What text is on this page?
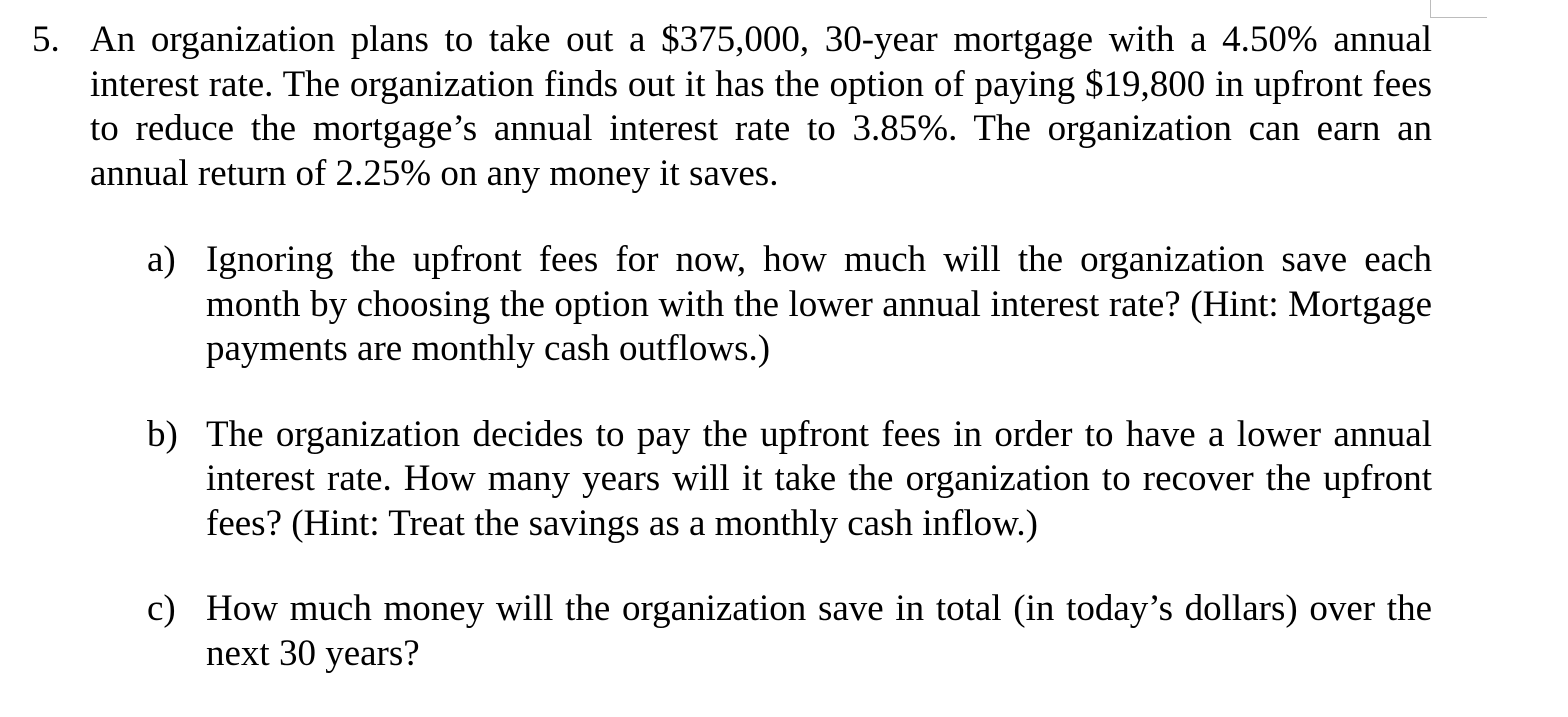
5. An organization plans to take out a $375,000, 30-year mortgage with a 4.50% annual interest rate. The organization finds out it has the option of paying $19,800 in upfront fees to reduce the mortgage’s annual interest rate to 3.85%. The organization can earn an annual return of 2.25% on any money it saves.

a) Ignoring the upfront fees for now, how much will the organization save each month by choosing the option with the lower annual interest rate? (Hint: Mortgage payments are monthly cash outflows.)

b) The organization decides to pay the upfront fees in order to have a lower annual interest rate. How many years will it take the organization to recover the upfront fees? (Hint: Treat the savings as a monthly cash inflow.)

c) How much money will the organization save in total (in today’s dollars) over the next 30 years?
